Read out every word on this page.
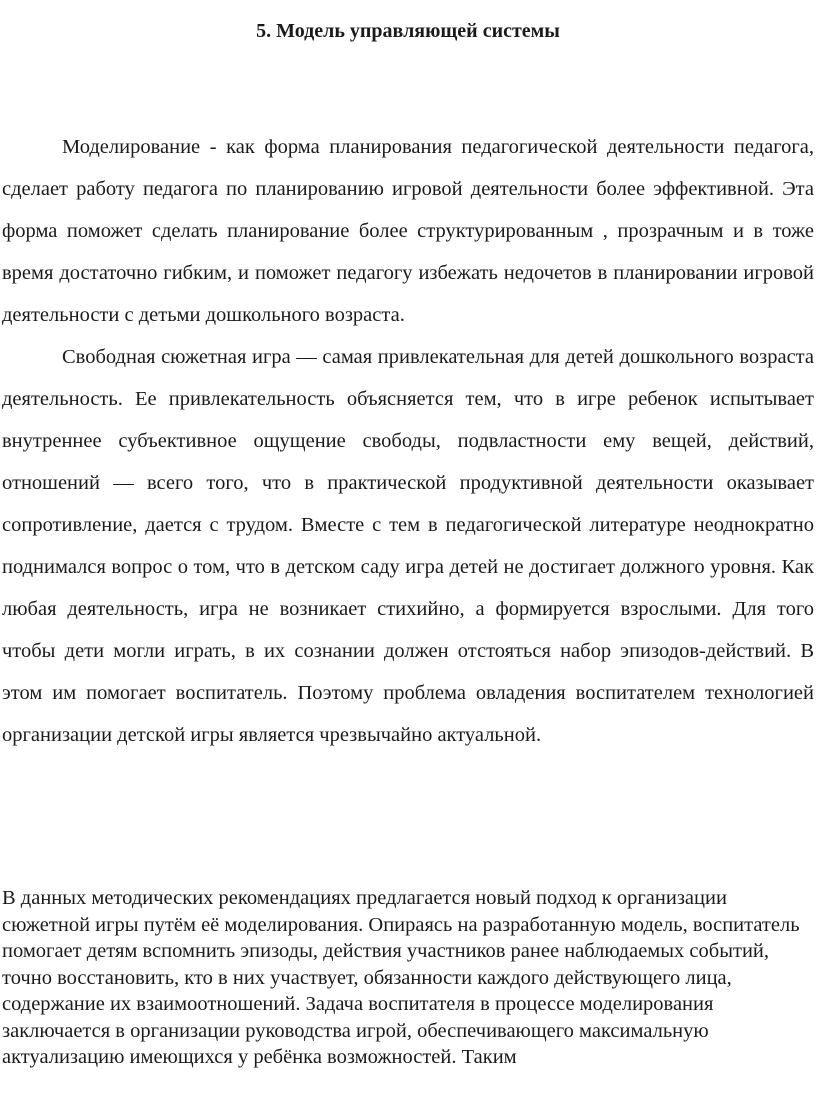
5. Модель управляющей системы

Моделирование - как форма планирования педагогической деятельности педагога, сделает работу педагога по планированию игровой деятельности более эффективной. Эта форма поможет сделать планирование более структурированным , прозрачным и в тоже время достаточно гибким, и поможет педагогу избежать недочетов в планировании игровой деятельности с детьми дошкольного возраста.

Свободная сюжетная игра — самая привлекательная для детей дошкольного возраста деятельность. Ее привлекательность объясняется тем, что в игре ребенок испытывает внутреннее субъективное ощущение свободы, подвластности ему вещей, действий, отношений — всего того, что в практической продуктивной деятельности оказывает сопротивление, дается с трудом. Вместе с тем в педагогической литературе неоднократно поднимался вопрос о том, что в детском саду игра детей не достигает должного уровня. Как любая деятельность, игра не возникает стихийно, а формируется взрослыми. Для того чтобы дети могли играть, в их сознании должен отстояться набор эпизодов-действий. В этом им помогает воспитатель. Поэтому проблема овладения воспитателем технологией организации детской игры является чрезвычайно актуальной.

В данных методических рекомендациях предлагается новый подход к организации сюжетной игры путём её моделирования. Опираясь на разработанную модель, воспитатель помогает детям вспомнить эпизоды, действия участников ранее наблюдаемых событий, точно восстановить, кто в них участвует, обязанности каждого действующего лица, содержание их взаимоотношений. Задача воспитателя в процессе моделирования заключается в организации руководства игрой, обеспечивающего максимальную актуализацию имеющихся у ребёнка возможностей. Таким
